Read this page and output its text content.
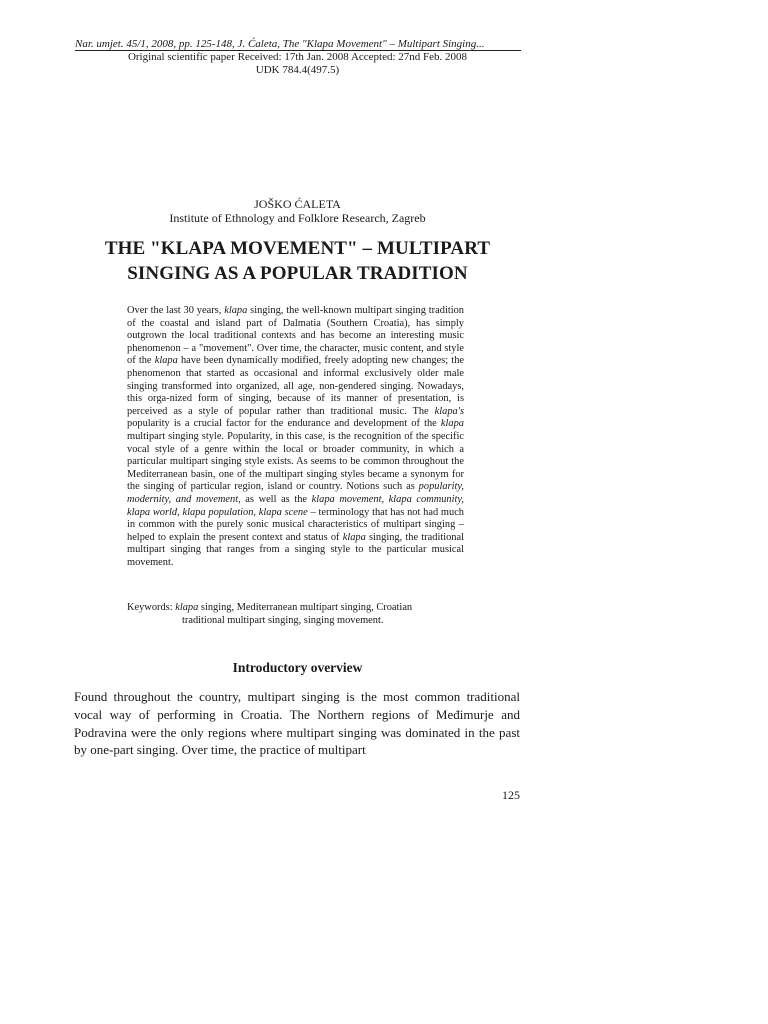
Nar. umjet. 45/1, 2008, pp. 125-148, J. Ćaleta, The "Klapa Movement" – Multipart Singing...
Original scientific paper Received: 17th Jan. 2008 Accepted: 27nd Feb. 2008
UDK 784.4(497.5)
JOŠKO ĆALETA
Institute of Ethnology and Folklore Research, Zagreb
THE "KLAPA MOVEMENT" – MULTIPART
SINGING AS A POPULAR TRADITION

Over the last 30 years, klapa singing, the well-known multipart singing tradition of the coastal and island part of Dalmatia (Southern Croatia), has simply outgrown the local traditional contexts and has become an interesting music phenomenon – a "movement". Over time, the character, music content, and style of the klapa have been dynamically modified, freely adopting new changes; the phenomenon that started as occasional and informal exclusively older male singing transformed into organized, all age, non-gendered singing. Nowadays, this orga-nized form of singing, because of its manner of presentation, is perceived as a style of popular rather than traditional music. The klapa's popularity is a crucial factor for the endurance and development of the klapa multipart singing style. Popularity, in this case, is the recognition of the specific vocal style of a genre within the local or broader community, in which a particular multipart singing style exists. As seems to be common throughout the Mediterranean basin, one of the multipart singing styles became a synonym for the singing of particular region, island or country. Notions such as popularity, modernity, and movement, as well as the klapa movement, klapa community, klapa world, klapa population, klapa scene – terminology that has not had much in common with the purely sonic musical characteristics of multipart singing – helped to explain the present context and status of klapa singing, the traditional multipart singing that ranges from a singing style to the particular musical movement.

Keywords: klapa singing, Mediterranean multipart singing, Croatian
traditional multipart singing, singing movement.
Introductory overview

Found throughout the country, multipart singing is the most common traditional vocal way of performing in Croatia. The Northern regions of Međimurje and Podravina were the only regions where multipart singing was dominated in the past by one-part singing. Over time, the practice of multipart

125
